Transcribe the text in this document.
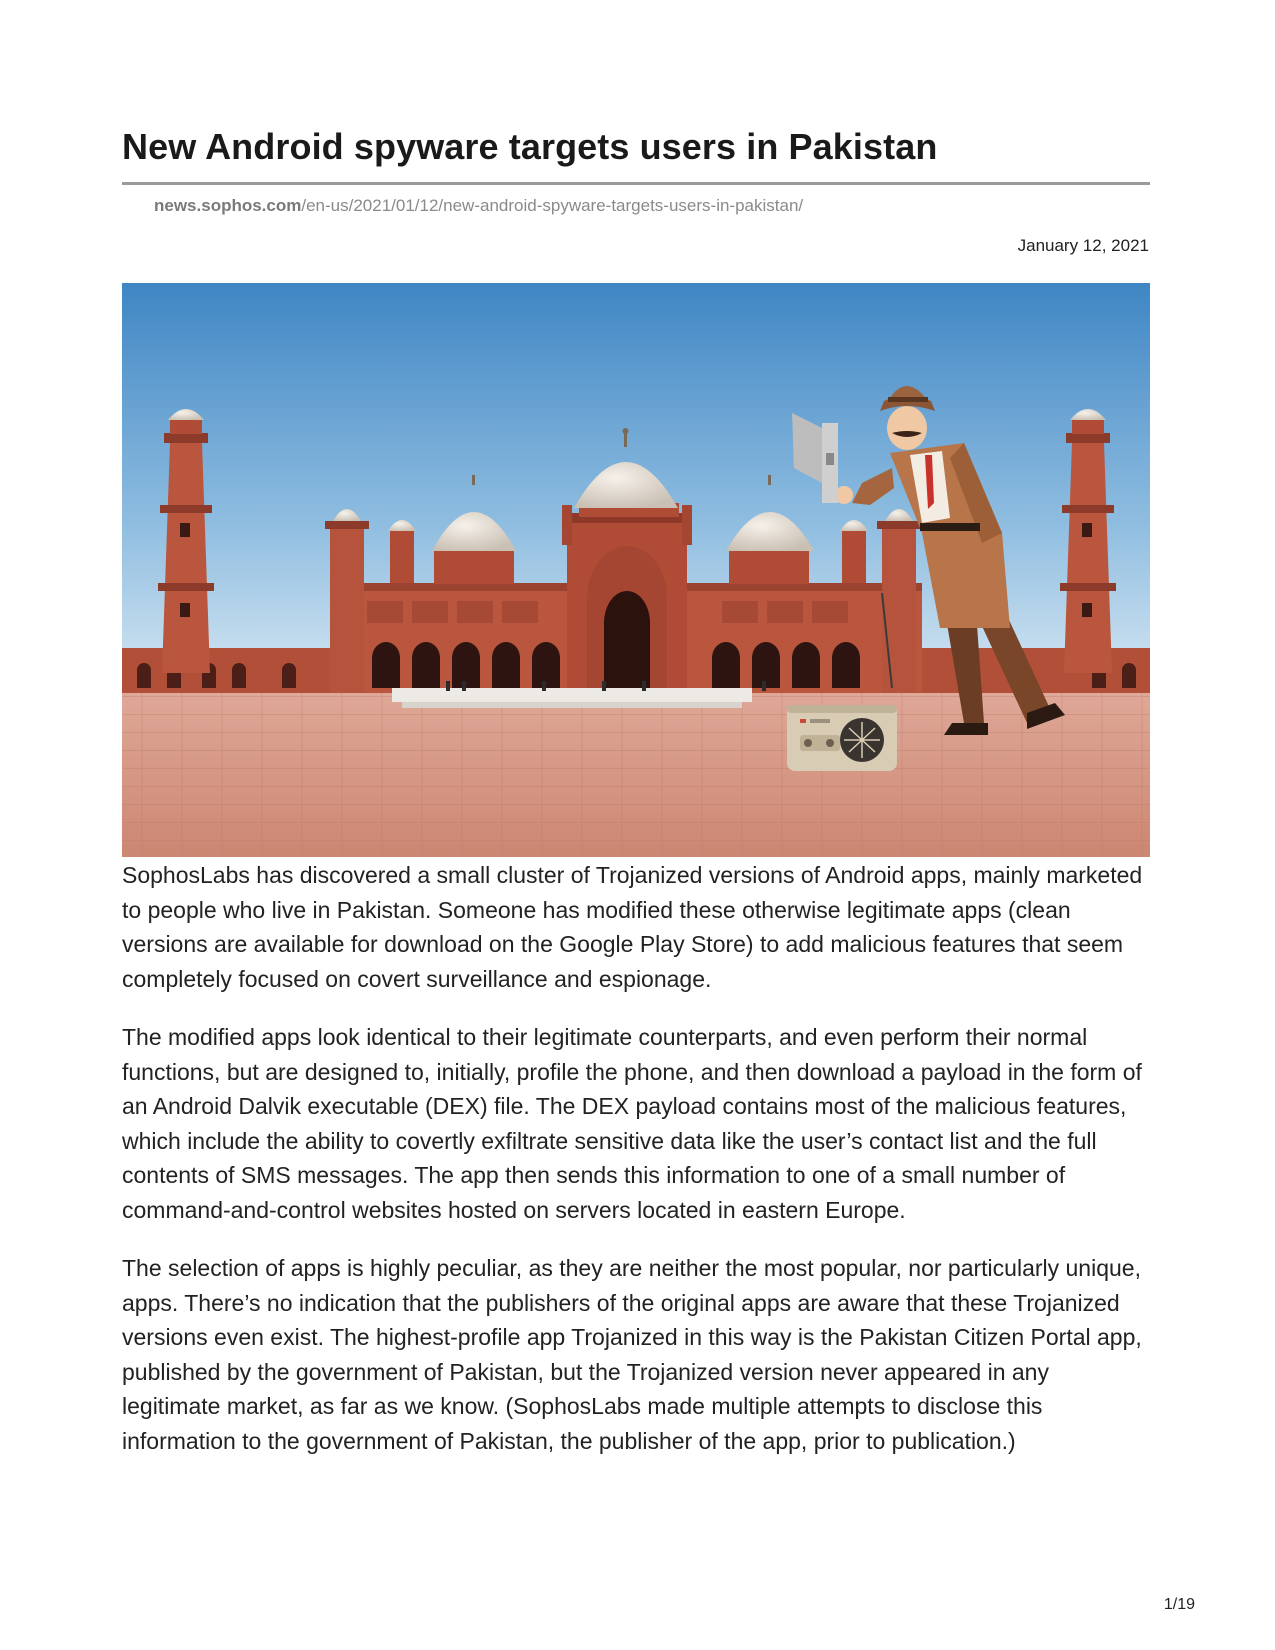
New Android spyware targets users in Pakistan
news.sophos.com/en-us/2021/01/12/new-android-spyware-targets-users-in-pakistan/
January 12, 2021

SophosLabs has discovered a small cluster of Trojanized versions of Android apps, mainly marketed to people who live in Pakistan. Someone has modified these otherwise legitimate apps (clean versions are available for download on the Google Play Store) to add malicious features that seem completely focused on covert surveillance and espionage.

The modified apps look identical to their legitimate counterparts, and even perform their normal functions, but are designed to, initially, profile the phone, and then download a payload in the form of an Android Dalvik executable (DEX) file. The DEX payload contains most of the malicious features, which include the ability to covertly exfiltrate sensitive data like the user’s contact list and the full contents of SMS messages. The app then sends this information to one of a small number of command-and-control websites hosted on servers located in eastern Europe.

The selection of apps is highly peculiar, as they are neither the most popular, nor particularly unique, apps. There’s no indication that the publishers of the original apps are aware that these Trojanized versions even exist. The highest-profile app Trojanized in this way is the Pakistan Citizen Portal app, published by the government of Pakistan, but the Trojanized version never appeared in any legitimate market, as far as we know. (SophosLabs made multiple attempts to disclose this information to the government of Pakistan, the publisher of the app, prior to publication.)

1/19
